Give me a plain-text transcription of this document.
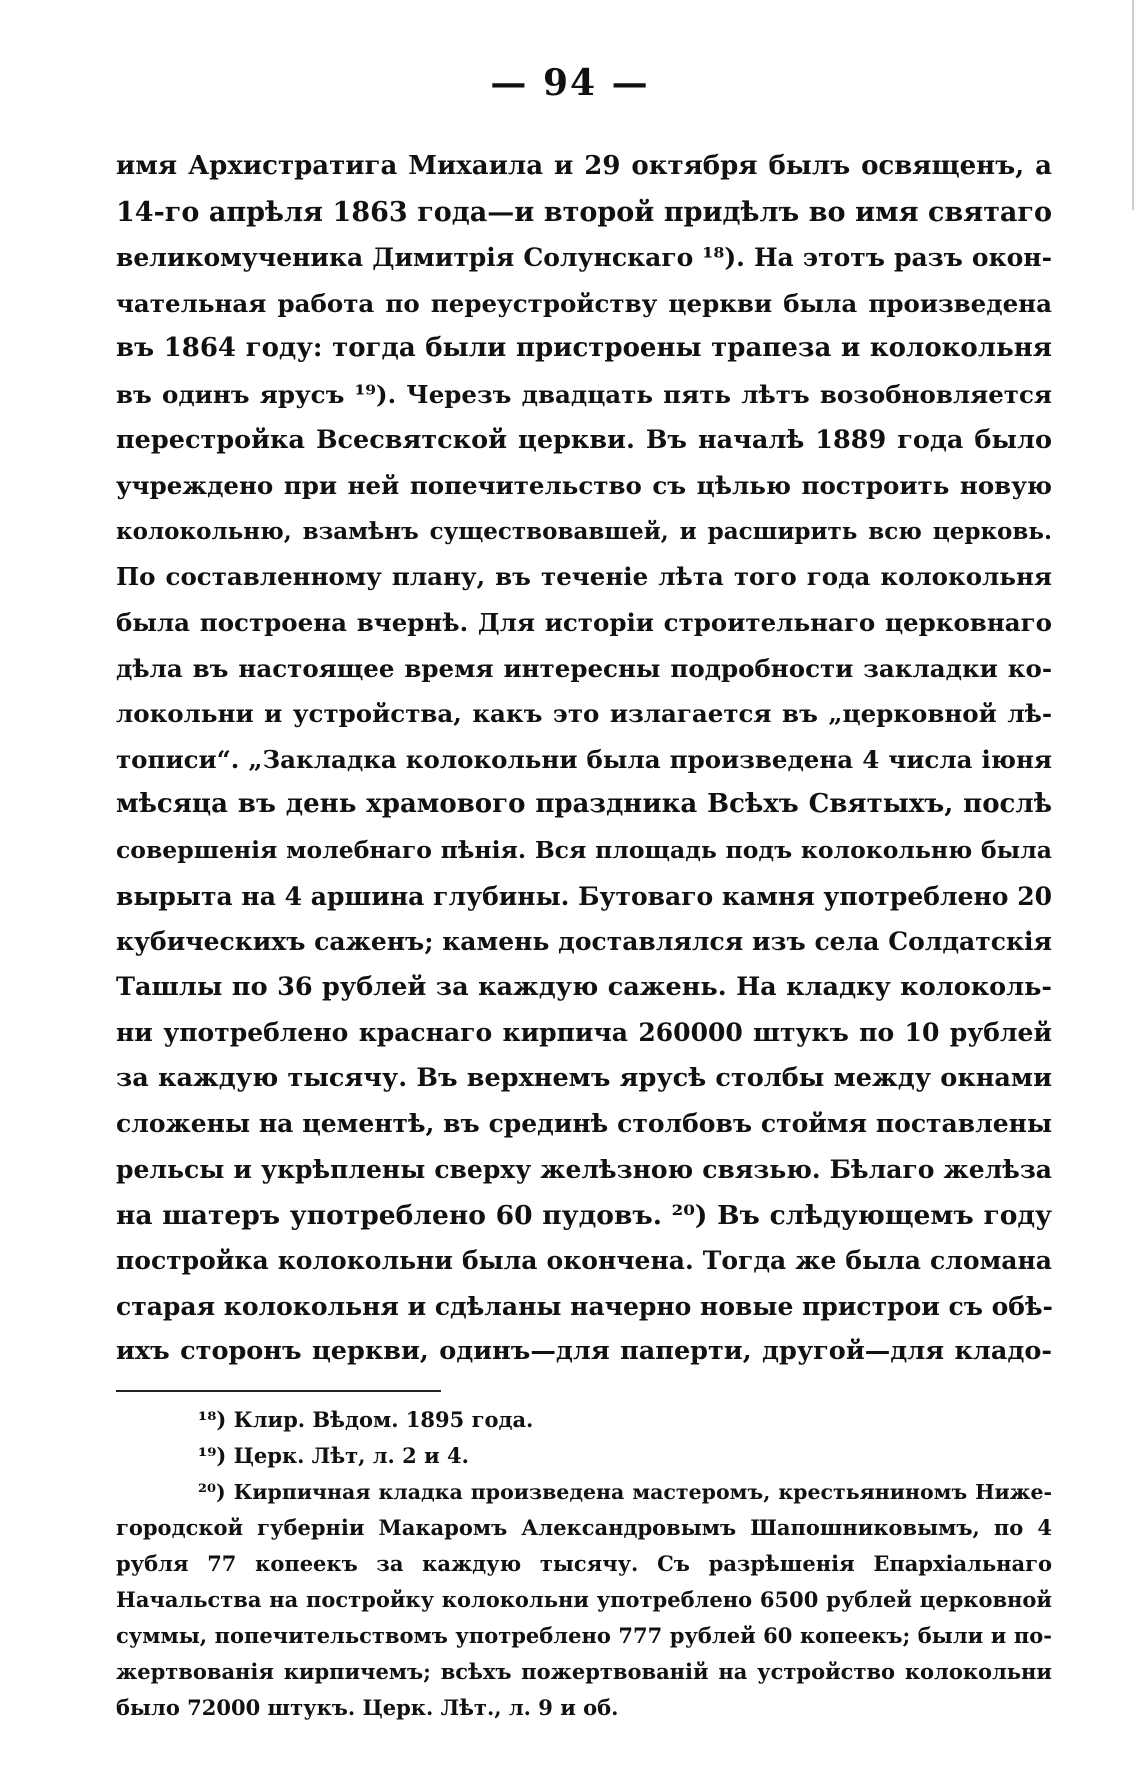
— 94 —
имя Архистратига Михаила и 29 октября былъ освященъ, а
14-го апрѣля 1863 года—и второй придѣлъ во имя святаго
великомученика Димитрія Солунскаго ¹⁸). На этотъ разъ окон-
чательная работа по переустройству церкви была произведена
въ 1864 году: тогда были пристроены трапеза и колокольня
въ одинъ ярусъ ¹⁹). Черезъ двадцать пять лѣтъ возобновляется
перестройка Всесвятской церкви. Въ началѣ 1889 года было
учреждено при ней попечительство съ цѣлью построить новую
колокольню, взамѣнъ существовавшей, и расширить всю церковь.
По составленному плану, въ теченіе лѣта того года колокольня
была построена вчернѣ. Для исторіи строительнаго церковнаго
дѣла въ настоящее время интересны подробности закладки ко-
локольни и устройства, какъ это излагается въ „церковной лѣ-
тописи“. „Закладка колокольни была произведена 4 числа іюня
мѣсяца въ день храмового праздника Всѣхъ Святыхъ, послѣ
совершенія молебнаго пѣнія. Вся площадь подъ колокольню была
вырыта на 4 аршина глубины. Бутоваго камня употреблено 20
кубическихъ саженъ; камень доставлялся изъ села Солдатскія
Ташлы по 36 рублей за каждую сажень. На кладку колоколь-
ни употреблено краснаго кирпича 260000 штукъ по 10 рублей
за каждую тысячу. Въ верхнемъ ярусѣ столбы между окнами
сложены на цементѣ, въ срединѣ столбовъ стоймя поставлены
рельсы и укрѣплены сверху желѣзною связью. Бѣлаго желѣза
на шатеръ употреблено 60 пудовъ. ²⁰) Въ слѣдующемъ году
постройка колокольни была окончена. Тогда же была сломана
старая колокольня и сдѣланы начерно новые пристрои съ обѣ-
ихъ сторонъ церкви, одинъ—для паперти, другой—для кладо-
¹⁸) Клир. Вѣдом. 1895 года.
¹⁹) Церк. Лѣт, л. 2 и 4.
²⁰) Кирпичная кладка произведена мастеромъ, крестьяниномъ Ниже-
городской губерніи Макаромъ Александровымъ Шапошниковымъ, по 4
рубля 77 копеекъ за каждую тысячу. Съ разрѣшенія Епархіальнаго
Начальства на постройку колокольни употреблено 6500 рублей церковной
суммы, попечительствомъ употреблено 777 рублей 60 копеекъ; были и по-
жертвованія кирпичемъ; всѣхъ пожертвованій на устройство колокольни
было 72000 штукъ. Церк. Лѣт., л. 9 и об.
